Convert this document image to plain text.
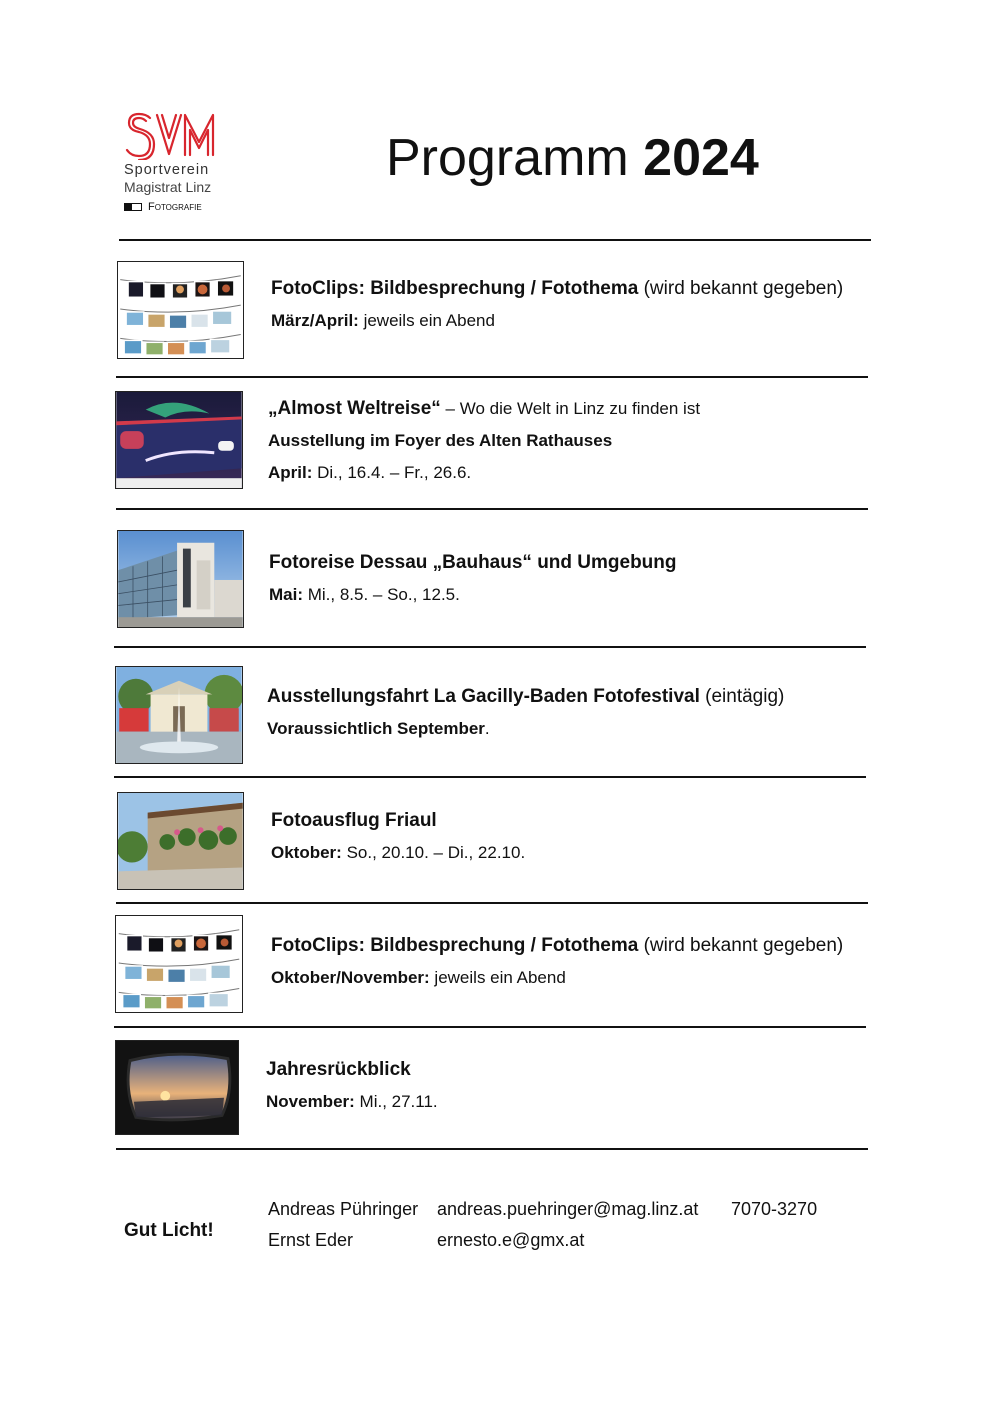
Sportverein
Magistrat Linz
Fotografie
Programm 2024
FotoClips: Bildbesprechung / Fotothema (wird bekannt gegeben)
März/April: jeweils ein Abend
„Almost Weltreise“ – Wo die Welt in Linz zu finden ist
Ausstellung im Foyer des Alten Rathauses
April: Di., 16.4. – Fr., 26.6.
Fotoreise Dessau „Bauhaus“ und Umgebung
Mai: Mi., 8.5. – So., 12.5.
Ausstellungsfahrt La Gacilly-Baden Fotofestival (eintägig)
Voraussichtlich September.
Fotoausflug Friaul
Oktober: So., 20.10. – Di., 22.10.
FotoClips: Bildbesprechung / Fotothema (wird bekannt gegeben)
Oktober/November: jeweils ein Abend
Jahresrückblick
November: Mi., 27.11.
Gut Licht!
Andreas Pühringer andreas.puehringer@mag.linz.at 7070-3270
Ernst Eder	ernesto.e@gmx.at
